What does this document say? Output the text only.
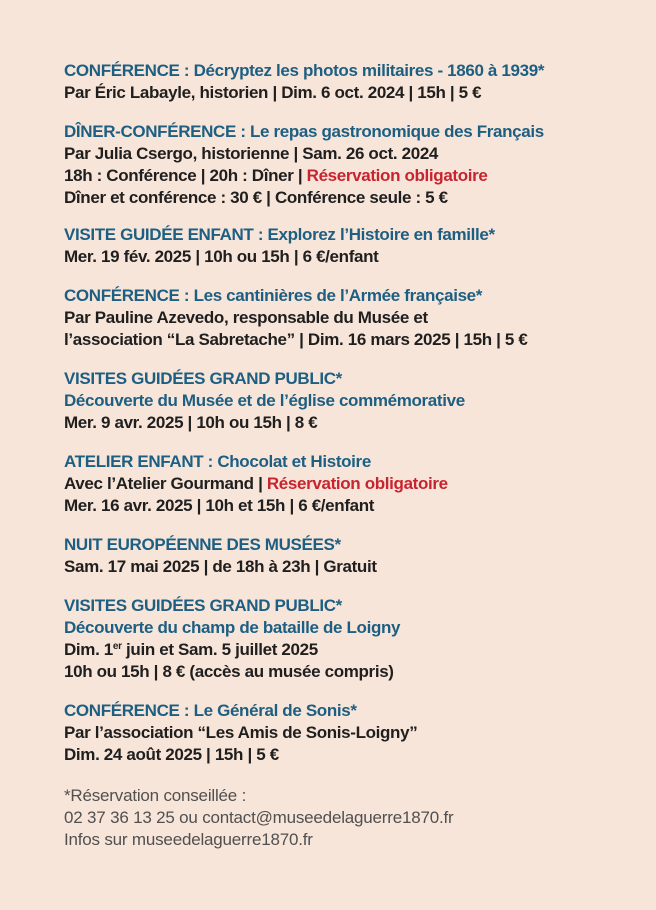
CONFÉRENCE : Décryptez les photos militaires - 1860 à 1939*
Par Éric Labayle, historien | Dim. 6 oct. 2024 | 15h | 5 €
DÎNER-CONFÉRENCE : Le repas gastronomique des Français
Par Julia Csergo, historienne | Sam. 26 oct. 2024
18h : Conférence | 20h : Dîner | Réservation obligatoire
Dîner et conférence : 30 € | Conférence seule : 5 €
VISITE GUIDÉE ENFANT : Explorez l’Histoire en famille*
Mer. 19 fév. 2025 | 10h ou 15h | 6 €/enfant
CONFÉRENCE : Les cantinières de l’Armée française*
Par Pauline Azevedo, responsable du Musée et
l’association “La Sabretache” | Dim. 16 mars 2025 | 15h | 5 €
VISITES GUIDÉES GRAND PUBLIC*
Découverte du Musée et de l’église commémorative
Mer. 9 avr. 2025 | 10h ou 15h | 8 €
ATELIER ENFANT : Chocolat et Histoire
Avec l’Atelier Gourmand | Réservation obligatoire
Mer. 16 avr. 2025 | 10h et 15h | 6 €/enfant
NUIT EUROPÉENNE DES MUSÉES*
Sam. 17 mai 2025 | de 18h à 23h | Gratuit
VISITES GUIDÉES GRAND PUBLIC*
Découverte du champ de bataille de Loigny
Dim. 1er juin et Sam. 5 juillet 2025
10h ou 15h | 8 € (accès au musée compris)
CONFÉRENCE : Le Général de Sonis*
Par l’association “Les Amis de Sonis-Loigny”
Dim. 24 août 2025 | 15h | 5 €
*Réservation conseillée :
02 37 36 13 25 ou contact@museedelaguerre1870.fr
Infos sur museedelaguerre1870.fr
